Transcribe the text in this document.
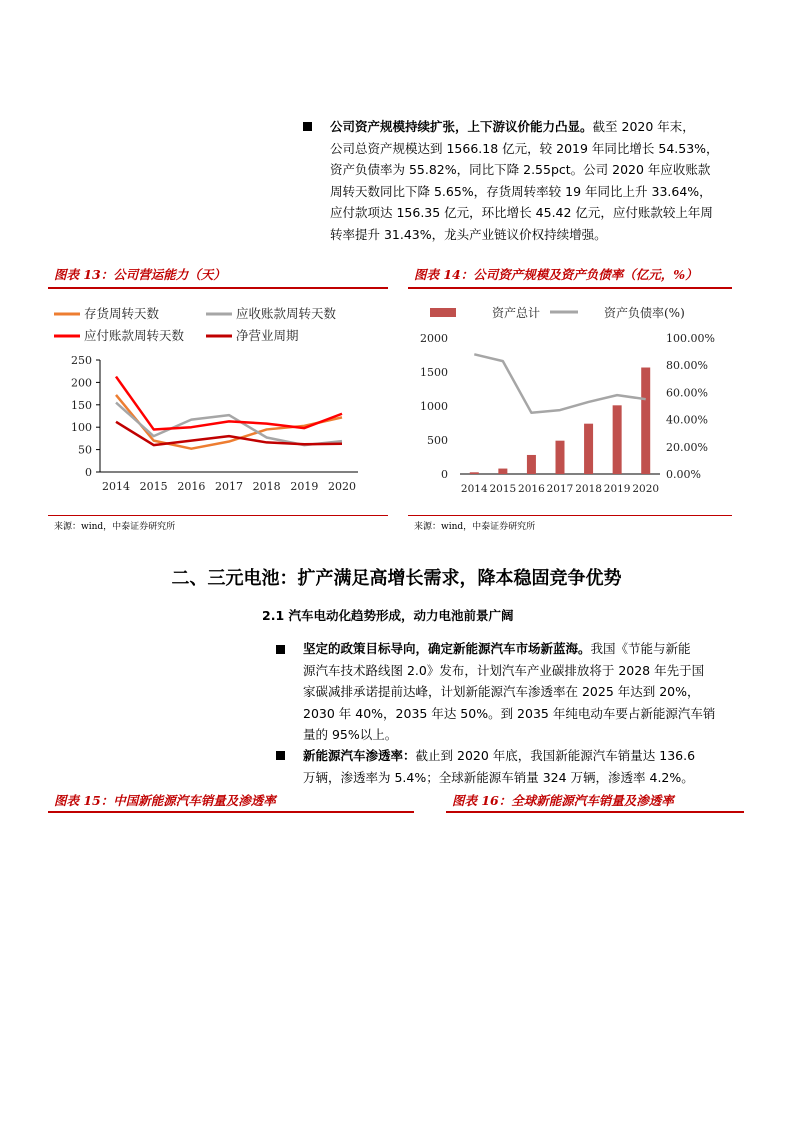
公司资产规模持续扩张，上下游议价能力凸显。截至 2020 年末，
公司总资产规模达到 1566.18 亿元，较 2019 年同比增长 54.53%，
资产负债率为 55.82%，同比下降 2.55pct。公司 2020 年应收账款
周转天数同比下降 5.65%，存货周转率较 19 年同比上升 33.64%，
应付款项达 156.35 亿元，环比增长 45.42 亿元，应付账款较上年周
转率提升 31.43%，龙头产业链议价权持续增强。
图表 13：公司营运能力（天）
存货周转天数	应收账款周转天数
应付账款周转天数	净营业周期
0
50
100
150
200
250
2014 2015 2016 2017 2018 2019 2020
来源：wind，中泰证券研究所
图表 14：公司资产规模及资产负债率（亿元，%）
资产总计	资产负债率(%)
0
500
1000
1500
2000
0.00%
20.00%
40.00%
60.00%
80.00%
100.00%
2014 2015 2016 2017 2018 2019 2020
来源：wind，中泰证券研究所
二、三元电池：扩产满足高增长需求，降本稳固竞争优势
2.1 汽车电动化趋势形成，动力电池前景广阔
坚定的政策目标导向，确定新能源汽车市场新蓝海。我国《节能与新能
源汽车技术路线图 2.0》发布，计划汽车产业碳排放将于 2028 年先于国
家碳减排承诺提前达峰，计划新能源汽车渗透率在 2025 年达到 20%，
2030 年 40%，2035 年达 50%。到 2035 年纯电动车要占新能源汽车销
量的 95%以上。
新能源汽车渗透率：截止到 2020 年底，我国新能源汽车销量达 136.6
万辆，渗透率为 5.4%；全球新能源车销量 324 万辆，渗透率 4.2%。
图表 15：中国新能源汽车销量及渗透率	图表 16：全球新能源汽车销量及渗透率
